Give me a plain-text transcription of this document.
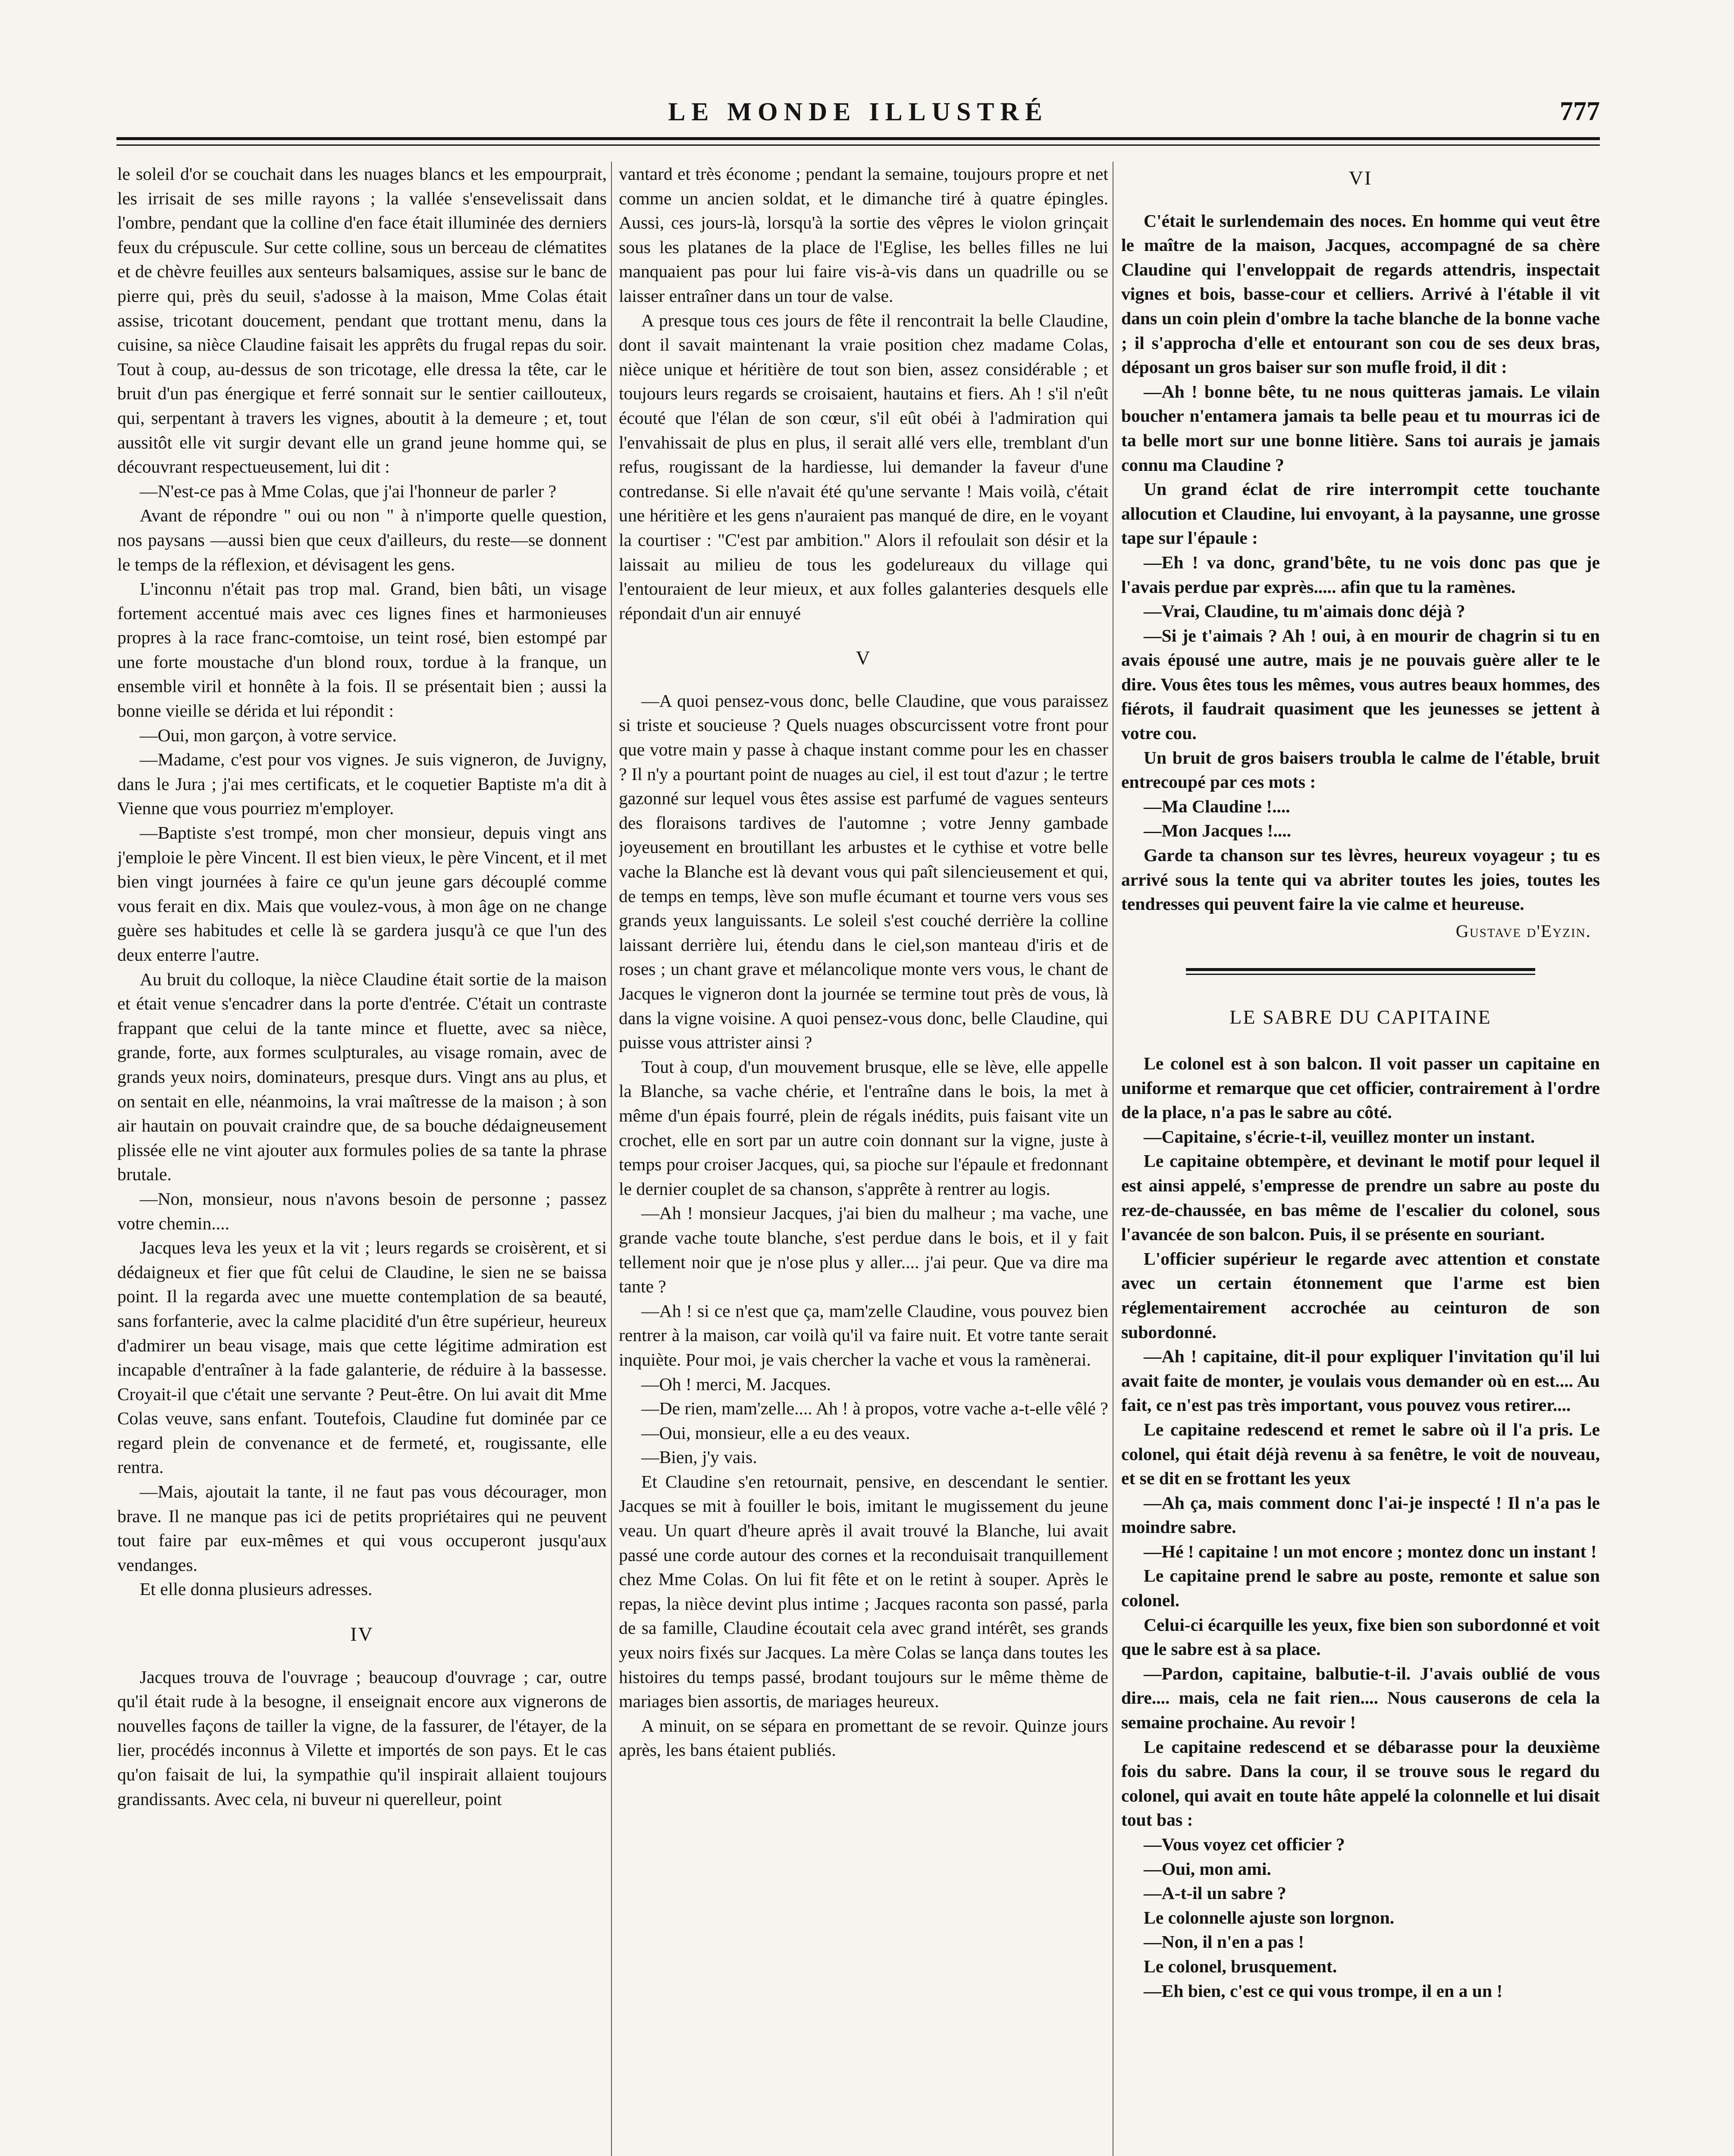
LE MONDE ILLUSTRÉ	777

le soleil d'or se couchait dans les nuages blancs et les empourprait, les irrisait de ses mille rayons ; la vallée s'ensevelissait dans l'ombre, pendant que la colline d'en face était illuminée des derniers feux du crépuscule. Sur cette colline, sous un berceau de clématites et de chèvre feuilles aux senteurs balsamiques, assise sur le banc de pierre qui, près du seuil, s'adosse à la maison, Mme Colas était assise, tricotant doucement, pendant que trottant menu, dans la cuisine, sa nièce Claudine faisait les apprêts du frugal repas du soir. Tout à coup, au-dessus de son tricotage, elle dressa la tête, car le bruit d'un pas énergique et ferré sonnait sur le sentier caillouteux, qui, serpentant à travers les vignes, aboutit à la demeure ; et, tout aussitôt elle vit surgir devant elle un grand jeune homme qui, se découvrant respectueusement, lui dit :

—N'est-ce pas à Mme Colas, que j'ai l'honneur de parler ?

Avant de répondre " oui ou non " à n'importe quelle question, nos paysans —aussi bien que ceux d'ailleurs, du reste—se donnent le temps de la réflexion, et dévisagent les gens.

L'inconnu n'était pas trop mal. Grand, bien bâti, un visage fortement accentué mais avec ces lignes fines et harmonieuses propres à la race franc-comtoise, un teint rosé, bien estompé par une forte moustache d'un blond roux, tordue à la franque, un ensemble viril et honnête à la fois. Il se présentait bien ; aussi la bonne vieille se dérida et lui répondit :

—Oui, mon garçon, à votre service.

—Madame, c'est pour vos vignes. Je suis vigneron, de Juvigny, dans le Jura ; j'ai mes certificats, et le coquetier Baptiste m'a dit à Vienne que vous pourriez m'employer.

—Baptiste s'est trompé, mon cher monsieur, depuis vingt ans j'emploie le père Vincent. Il est bien vieux, le père Vincent, et il met bien vingt journées à faire ce qu'un jeune gars découplé comme vous ferait en dix. Mais que voulez-vous, à mon âge on ne change guère ses habitudes et celle là se gardera jusqu'à ce que l'un des deux enterre l'autre.

Au bruit du colloque, la nièce Claudine était sortie de la maison et était venue s'encadrer dans la porte d'entrée. C'était un contraste frappant que celui de la tante mince et fluette, avec sa nièce, grande, forte, aux formes sculpturales, au visage romain, avec de grands yeux noirs, dominateurs, presque durs. Vingt ans au plus, et on sentait en elle, néanmoins, la vrai maîtresse de la maison ; à son air hautain on pouvait craindre que, de sa bouche dédaigneusement plissée elle ne vint ajouter aux formules polies de sa tante la phrase brutale.

—Non, monsieur, nous n'avons besoin de personne ; passez votre chemin....

Jacques leva les yeux et la vit ; leurs regards se croisèrent, et si dédaigneux et fier que fût celui de Claudine, le sien ne se baissa point. Il la regarda avec une muette contemplation de sa beauté, sans forfanterie, avec la calme placidité d'un être supérieur, heureux d'admirer un beau visage, mais que cette légitime admiration est incapable d'entraîner à la fade galanterie, de réduire à la bassesse. Croyait-il que c'était une servante ? Peut-être. On lui avait dit Mme Colas veuve, sans enfant. Toutefois, Claudine fut dominée par ce regard plein de convenance et de fermeté, et, rougissante, elle rentra.

—Mais, ajoutait la tante, il ne faut pas vous décourager, mon brave. Il ne manque pas ici de petits propriétaires qui ne peuvent tout faire par eux-mêmes et qui vous occuperont jusqu'aux vendanges.

Et elle donna plusieurs adresses.

IV

Jacques trouva de l'ouvrage ; beaucoup d'ouvrage ; car, outre qu'il était rude à la besogne, il enseignait encore aux vignerons de nouvelles façons de tailler la vigne, de la fassurer, de l'étayer, de la lier, procédés inconnus à Vilette et importés de son pays. Et le cas qu'on faisait de lui, la sympathie qu'il inspirait allaient toujours grandissants. Avec cela, ni buveur ni querelleur, point

vantard et très économe ; pendant la semaine, toujours propre et net comme un ancien soldat, et le dimanche tiré à quatre épingles. Aussi, ces jours-là, lorsqu'à la sortie des vêpres le violon grinçait sous les platanes de la place de l'Eglise, les belles filles ne lui manquaient pas pour lui faire vis-à-vis dans un quadrille ou se laisser entraîner dans un tour de valse.

A presque tous ces jours de fête il rencontrait la belle Claudine, dont il savait maintenant la vraie position chez madame Colas, nièce unique et héritière de tout son bien, assez considérable ; et toujours leurs regards se croisaient, hautains et fiers. Ah ! s'il n'eût écouté que l'élan de son cœur, s'il eût obéi à l'admiration qui l'envahissait de plus en plus, il serait allé vers elle, tremblant d'un refus, rougissant de la hardiesse, lui demander la faveur d'une contredanse. Si elle n'avait été qu'une servante ! Mais voilà, c'était une héritière et les gens n'auraient pas manqué de dire, en le voyant la courtiser : "C'est par ambition." Alors il refoulait son désir et la laissait au milieu de tous les godelureaux du village qui l'entouraient de leur mieux, et aux folles galanteries desquels elle répondait d'un air ennuyé

V

—A quoi pensez-vous donc, belle Claudine, que vous paraissez si triste et soucieuse ? Quels nuages obscurcissent votre front pour que votre main y passe à chaque instant comme pour les en chasser ? Il n'y a pourtant point de nuages au ciel, il est tout d'azur ; le tertre gazonné sur lequel vous êtes assise est parfumé de vagues senteurs des floraisons tardives de l'automne ; votre Jenny gambade joyeusement en broutillant les arbustes et le cythise et votre belle vache la Blanche est là devant vous qui paît silencieusement et qui, de temps en temps, lève son mufle écumant et tourne vers vous ses grands yeux languissants. Le soleil s'est couché derrière la colline laissant derrière lui, étendu dans le ciel,son manteau d'iris et de roses ; un chant grave et mélancolique monte vers vous, le chant de Jacques le vigneron dont la journée se termine tout près de vous, là dans la vigne voisine. A quoi pensez-vous donc, belle Claudine, qui puisse vous attrister ainsi ?

Tout à coup, d'un mouvement brusque, elle se lève, elle appelle la Blanche, sa vache chérie, et l'entraîne dans le bois, la met à même d'un épais fourré, plein de régals inédits, puis faisant vite un crochet, elle en sort par un autre coin donnant sur la vigne, juste à temps pour croiser Jacques, qui, sa pioche sur l'épaule et fredonnant le dernier couplet de sa chanson, s'apprête à rentrer au logis.

—Ah ! monsieur Jacques, j'ai bien du malheur ; ma vache, une grande vache toute blanche, s'est perdue dans le bois, et il y fait tellement noir que je n'ose plus y aller.... j'ai peur. Que va dire ma tante ?

—Ah ! si ce n'est que ça, mam'zelle Claudine, vous pouvez bien rentrer à la maison, car voilà qu'il va faire nuit. Et votre tante serait inquiète. Pour moi, je vais chercher la vache et vous la ramènerai.

—Oh ! merci, M. Jacques.

—De rien, mam'zelle.... Ah ! à propos, votre vache a-t-elle vêlé ?

—Oui, monsieur, elle a eu des veaux.

—Bien, j'y vais.

Et Claudine s'en retournait, pensive, en descendant le sentier. Jacques se mit à fouiller le bois, imitant le mugissement du jeune veau. Un quart d'heure après il avait trouvé la Blanche, lui avait passé une corde autour des cornes et la reconduisait tranquillement chez Mme Colas. On lui fit fête et on le retint à souper. Après le repas, la nièce devint plus intime ; Jacques raconta son passé, parla de sa famille, Claudine écoutait cela avec grand intérêt, ses grands yeux noirs fixés sur Jacques. La mère Colas se lança dans toutes les histoires du temps passé, brodant toujours sur le même thème de mariages bien assortis, de mariages heureux.

A minuit, on se sépara en promettant de se revoir. Quinze jours après, les bans étaient publiés.

VI

C'était le surlendemain des noces. En homme qui veut être le maître de la maison, Jacques, accompagné de sa chère Claudine qui l'enveloppait de regards attendris, inspectait vignes et bois, basse-cour et celliers. Arrivé à l'étable il vit dans un coin plein d'ombre la tache blanche de la bonne vache ; il s'approcha d'elle et entourant son cou de ses deux bras, déposant un gros baiser sur son mufle froid, il dit :

—Ah ! bonne bête, tu ne nous quitteras jamais. Le vilain boucher n'entamera jamais ta belle peau et tu mourras ici de ta belle mort sur une bonne litière. Sans toi aurais je jamais connu ma Claudine ?

Un grand éclat de rire interrompit cette touchante allocution et Claudine, lui envoyant, à la paysanne, une grosse tape sur l'épaule :

—Eh ! va donc, grand'bête, tu ne vois donc pas que je l'avais perdue par exprès..... afin que tu la ramènes.

—Vrai, Claudine, tu m'aimais donc déjà ?

—Si je t'aimais ? Ah ! oui, à en mourir de chagrin si tu en avais épousé une autre, mais je ne pouvais guère aller te le dire. Vous êtes tous les mêmes, vous autres beaux hommes, des fiérots, il faudrait quasiment que les jeunesses se jettent à votre cou.

Un bruit de gros baisers troubla le calme de l'étable, bruit entrecoupé par ces mots :

—Ma Claudine !....

—Mon Jacques !....

Garde ta chanson sur tes lèvres, heureux voyageur ; tu es arrivé sous la tente qui va abriter toutes les joies, toutes les tendresses qui peuvent faire la vie calme et heureuse.

Gustave d'Eyzin.
LE SABRE DU CAPITAINE

Le colonel est à son balcon. Il voit passer un capitaine en uniforme et remarque que cet officier, contrairement à l'ordre de la place, n'a pas le sabre au côté.

—Capitaine, s'écrie-t-il, veuillez monter un instant.

Le capitaine obtempère, et devinant le motif pour lequel il est ainsi appelé, s'empresse de prendre un sabre au poste du rez-de-chaussée, en bas même de l'escalier du colonel, sous l'avancée de son balcon. Puis, il se présente en souriant.

L'officier supérieur le regarde avec attention et constate avec un certain étonnement que l'arme est bien réglementairement accrochée au ceinturon de son subordonné.

—Ah ! capitaine, dit-il pour expliquer l'invitation qu'il lui avait faite de monter, je voulais vous demander où en est.... Au fait, ce n'est pas très important, vous pouvez vous retirer....

Le capitaine redescend et remet le sabre où il l'a pris. Le colonel, qui était déjà revenu à sa fenêtre, le voit de nouveau, et se dit en se frottant les yeux

—Ah ça, mais comment donc l'ai-je inspecté ! Il n'a pas le moindre sabre.

—Hé ! capitaine ! un mot encore ; montez donc un instant !

Le capitaine prend le sabre au poste, remonte et salue son colonel.

Celui-ci écarquille les yeux, fixe bien son subordonné et voit que le sabre est à sa place.

—Pardon, capitaine, balbutie-t-il. J'avais oublié de vous dire.... mais, cela ne fait rien.... Nous causerons de cela la semaine prochaine. Au revoir !

Le capitaine redescend et se débarasse pour la deuxième fois du sabre. Dans la cour, il se trouve sous le regard du colonel, qui avait en toute hâte appelé la colonnelle et lui disait tout bas :

—Vous voyez cet officier ?

—Oui, mon ami.

—A-t-il un sabre ?

Le colonnelle ajuste son lorgnon.

—Non, il n'en a pas !

Le colonel, brusquement.

—Eh bien, c'est ce qui vous trompe, il en a un !
